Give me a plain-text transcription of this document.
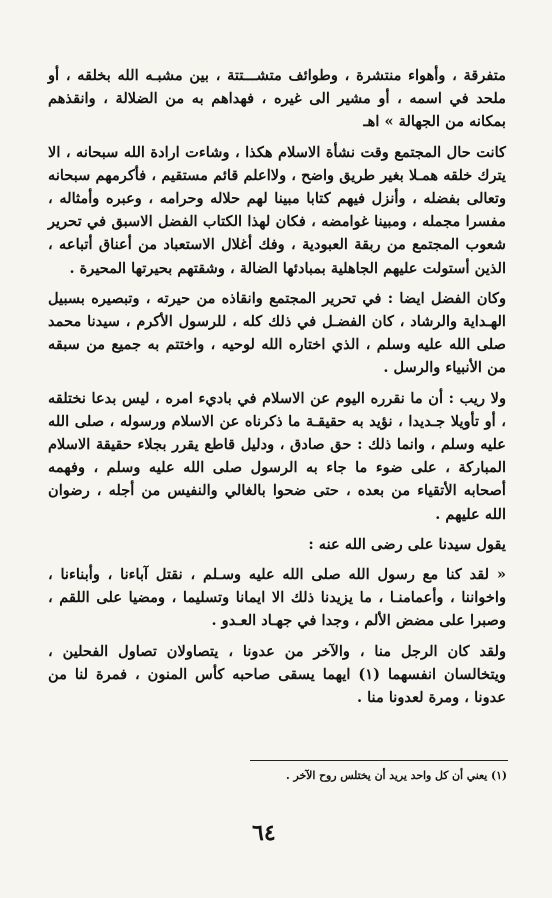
متفرقة ، وأهواء منتشرة ، وطوائف متشـــتتة ، بين مشبـه الله بخلقه ، أو ملحد في اسمه ، أو مشير الى غيره ، فهداهم به من الضلالة ، وانقذهم بمكانه من الجهالة » اهـ

كانت حال المجتمع وقت نشأة الاسلام هكذا ، وشاءت ارادة الله سبحانه ، الا يترك خلقه همـلا بغير طريق واضح ، ولااعلم قائم مستقيم ، فأكرمهم سبحانه وتعالى بفضله ، وأنزل فيهم كتابا مبينا لهم حلاله وحرامه ، وعبره وأمثاله ، مفسرا مجمله ، ومبينا غوامضه ، فكان لهذا الكتاب الفضل الاسبق في تحرير شعوب المجتمع من ربقة العبودية ، وفك أغلال الاستعباد من أعناق أتباعه ، الذين أستولت عليهم الجاهلية بمبادئها الضالة ، وشقتهم بحيرتها المحيرة .

وكان الفضل ايضا : في تحرير المجتمع وانقاذه من حيرته ، وتبصيره بسبيل الهـداية والرشاد ، كان الفضـل في ذلك كله ، للرسول الأكرم ، سيدنا محمد صلى الله عليه وسلم ، الذي اختاره الله لوحيه ، واختتم به جميع من سبقه من الأنبياء والرسل .

ولا ريب : أن ما نقرره اليوم عن الاسلام في باديء امره ، ليس بدعا نختلقه ، أو تأويلا جـديدا ، نؤيد به حقيقـة ما ذكرناه عن الاسلام ورسوله ، صلى الله عليه وسلم ، وانما ذلك : حق صادق ، ودليل قاطع يقرر بجلاء حقيقة الاسلام المباركة ، على ضوء ما جاء به الرسول صلى الله عليه وسلم ، وفهمه أصحابه الأتقياء من بعده ، حتى ضحوا بالغالي والنفيس من أجله ، رضوان الله عليهم .

يقول سيدنا على رضى الله عنه :

« لقد كنا مع رسول الله صلى الله عليه وسـلم ، نقتل آباءنا ، وأبناءنا ، واخواننا ، وأعمامنـا ، ما يزيدنا ذلك الا ايمانا وتسليما ، ومضيا على اللقم ، وصبرا على مضض الألم ، وجدا في جهـاد العـدو .

ولقد كان الرجل منا ، والآخر من عدونا ، يتصاولان تصاول الفحلين ، ويتخالسان انفسهما (١) ايهما يسقى صاحبه كأس المنون ، فمرة لنا من عدونا ، ومرة لعدونا منا .

(١) يعني أن كل واحد يريد أن يختلس روح الآخر .
٦٤
